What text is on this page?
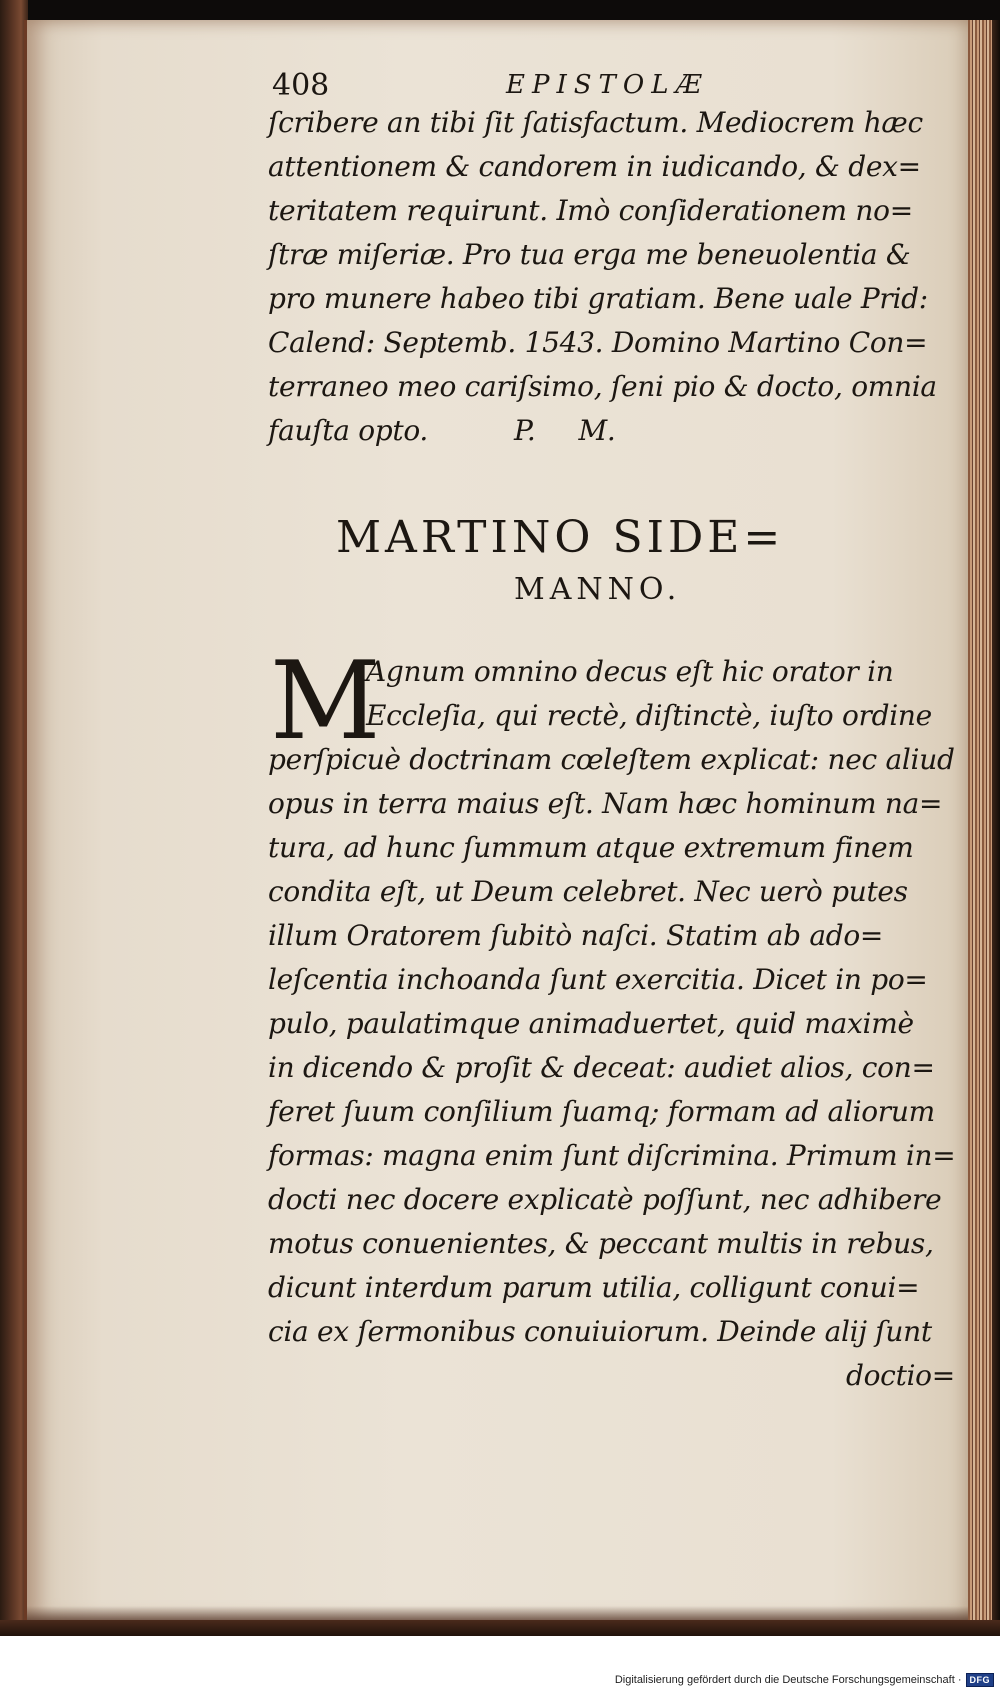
408	EPISTOLÆ
ſcribere an tibi ſit ſatisfactum. Mediocrem hæc
attentionem & candorem in iudicando, & dex=
teritatem requirunt. Imò conſiderationem no=
ſtræ miſeriæ. Pro tua erga me beneuolentia &
pro munere habeo tibi gratiam. Bene uale Prid:
Calend: Septemb. 1543. Domino Martino Con=
terraneo meo cariſsimo, ſeni pio & docto, omnia
fauſta opto.          P.     M.
MARTINO SIDE=
MANNO.
M
Agnum omnino decus eſt hic orator in
Eccleſia, qui rectè, diſtinctè, iuſto ordine
perſpicuè doctrinam cœleſtem explicat: nec aliud
opus in terra maius eſt. Nam hæc hominum na=
tura, ad hunc ſummum atque extremum finem
condita eſt, ut Deum celebret. Nec uerò putes
illum Oratorem ſubitò naſci. Statim ab ado=
leſcentia inchoanda ſunt exercitia. Dicet in po=
pulo, paulatimque animaduertet, quid maximè
in dicendo & proſit & deceat: audiet alios, con=
feret ſuum conſilium ſuamq; formam ad aliorum
formas: magna enim ſunt diſcrimina. Primum in=
docti nec docere explicatè poſſunt, nec adhibere
motus conuenientes, & peccant multis in rebus,
dicunt interdum parum utilia, colligunt conui=
cia ex ſermonibus conuiuiorum. Deinde alij ſunt
doctio=
Digitalisierung gefördert durch die Deutsche Forschungsgemeinschaft · DFG
